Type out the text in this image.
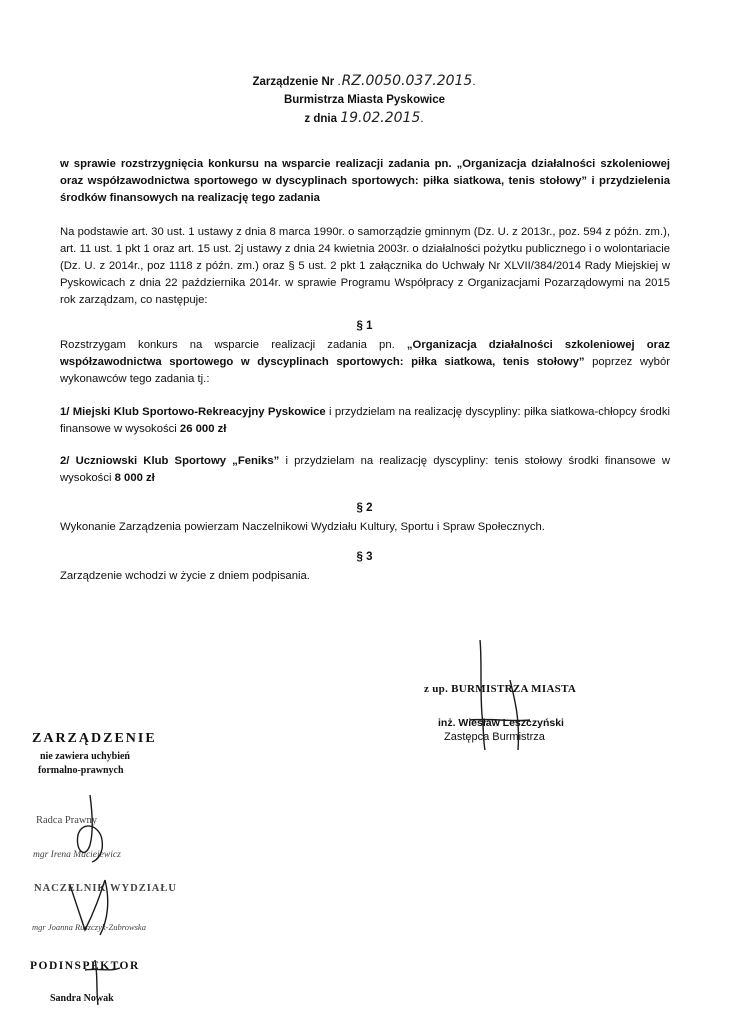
Zarządzenie Nr .RZ.0050.037.2015.
Burmistrza Miasta Pyskowice
z dnia 19.02.2015.
w sprawie rozstrzygnięcia konkursu na wsparcie realizacji zadania pn. „Organizacja działalności szkoleniowej oraz współzawodnictwa sportowego w dyscyplinach sportowych: piłka siatkowa, tenis stołowy” i przydzielenia środków finansowych na realizację tego zadania
Na podstawie art. 30 ust. 1 ustawy z dnia 8 marca 1990r. o samorządzie gminnym (Dz. U. z 2013r., poz. 594 z późn. zm.), art. 11 ust. 1 pkt 1 oraz art. 15 ust. 2j ustawy z dnia 24 kwietnia 2003r. o działalności pożytku publicznego i o wolontariacie (Dz. U. z 2014r., poz 1118 z późn. zm.) oraz § 5 ust. 2 pkt 1 załącznika do Uchwały Nr XLVII/384/2014 Rady Miejskiej w Pyskowicach z dnia 22 października 2014r. w sprawie Programu Współpracy z Organizacjami Pozarządowymi na 2015 rok zarządzam, co następuje:
§ 1
Rozstrzygam konkurs na wsparcie realizacji zadania pn. „Organizacja działalności szkoleniowej oraz współzawodnictwa sportowego w dyscyplinach sportowych: piłka siatkowa, tenis stołowy” poprzez wybór wykonawców tego zadania tj.:
1/ Miejski Klub Sportowo-Rekreacyjny Pyskowice i przydzielam na realizację dyscypliny: piłka siatkowa-chłopcy środki finansowe w wysokości 26 000 zł
2/ Uczniowski Klub Sportowy „Feniks” i przydzielam na realizację dyscypliny: tenis stołowy środki finansowe w wysokości 8 000 zł
§ 2
Wykonanie Zarządzenia powierzam Naczelnikowi Wydziału Kultury, Sportu i Spraw Społecznych.
§ 3
Zarządzenie wchodzi w życie z dniem podpisania.
z up. BURMISTRZA MIASTA
inż. Wiesław Leszczyński
Zastępca Burmistrza
ZARZĄDZENIE
nie zawiera uchybień
formalno-prawnych
Radca Prawny
mgr Irena Maciejewicz
NACZELNIK WYDZIAŁU
mgr Joanna Ruszczyk-Zubrowska
PODINSPEKTOR
Sandra Nowak
